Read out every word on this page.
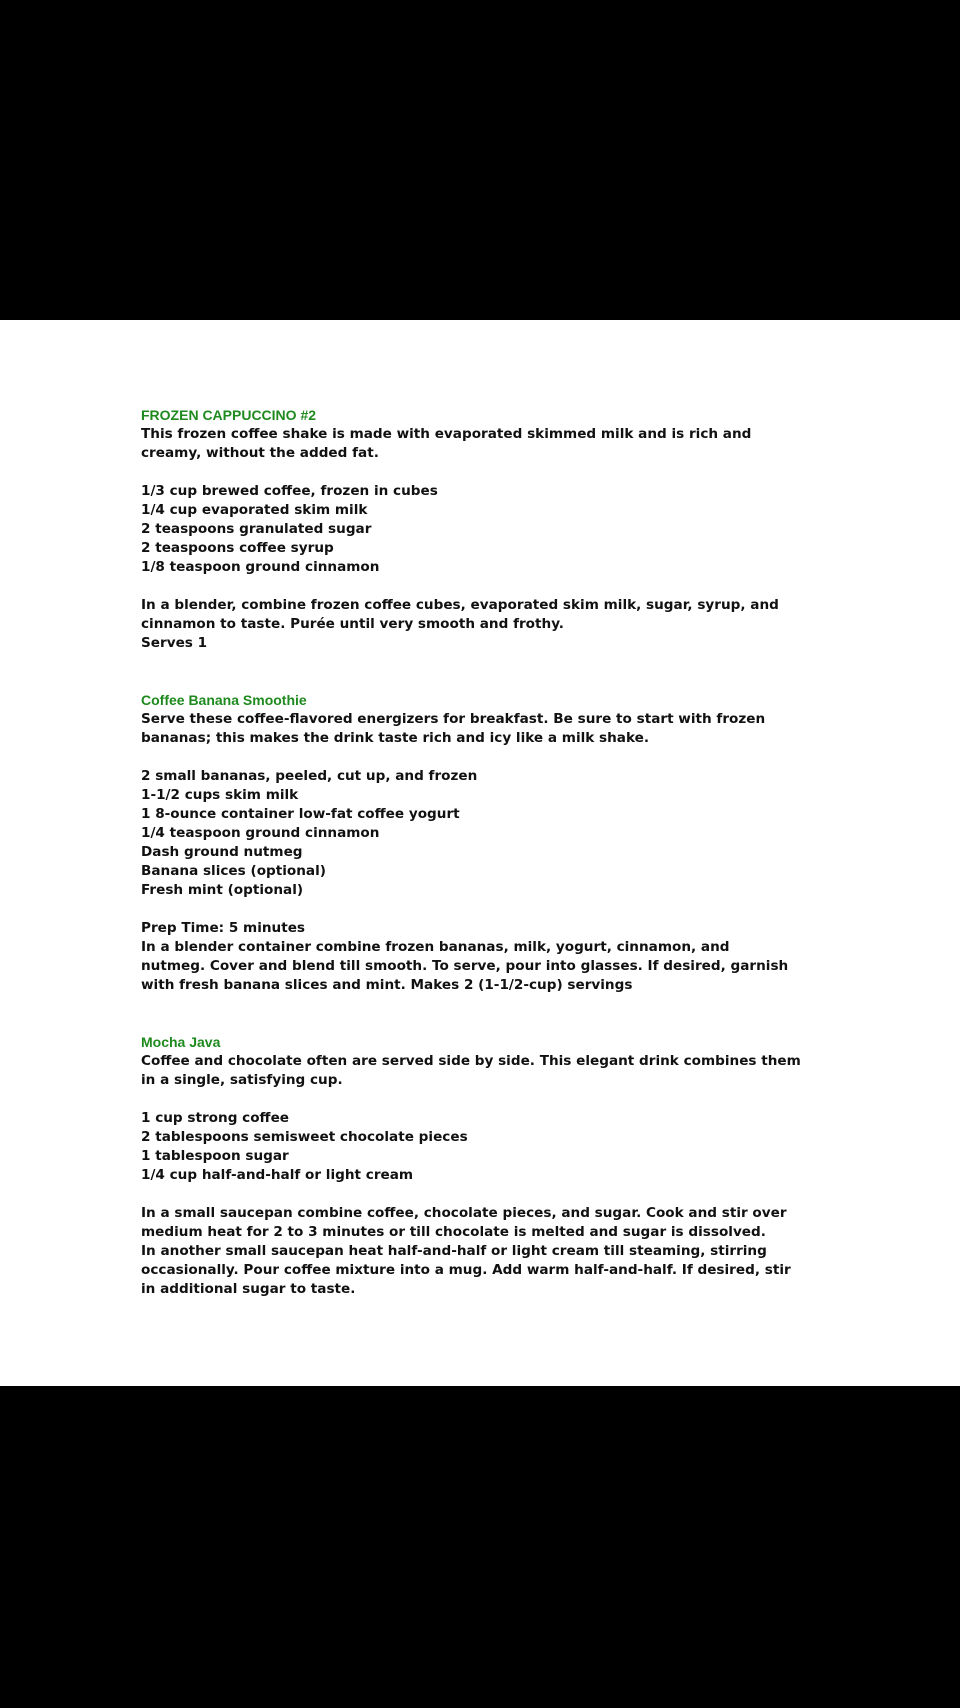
FROZEN CAPPUCCINO #2

This frozen coffee shake is made with evaporated skimmed milk and is rich and

creamy, without the added fat.

1/3 cup brewed coffee, frozen in cubes
1/4 cup evaporated skim milk
2 teaspoons granulated sugar
2 teaspoons coffee syrup
1/8 teaspoon ground cinnamon

In a blender, combine frozen coffee cubes, evaporated skim milk, sugar, syrup, and

cinnamon to taste. Purée until very smooth and frothy.

Serves 1

Coffee Banana Smoothie

Serve these coffee-flavored energizers for breakfast. Be sure to start with frozen

bananas; this makes the drink taste rich and icy like a milk shake.

2 small bananas, peeled, cut up, and frozen
1-1/2 cups skim milk
1 8-ounce container low-fat coffee yogurt
1/4 teaspoon ground cinnamon
Dash ground nutmeg
Banana slices (optional)
Fresh mint (optional)

Prep Time: 5 minutes

In a blender container combine frozen bananas, milk, yogurt, cinnamon, and

nutmeg. Cover and blend till smooth. To serve, pour into glasses. If desired, garnish

with fresh banana slices and mint. Makes 2 (1-1/2-cup) servings

Mocha Java

Coffee and chocolate often are served side by side. This elegant drink combines them

in a single, satisfying cup.

1 cup strong coffee
2 tablespoons semisweet chocolate pieces
1 tablespoon sugar
1/4 cup half-and-half or light cream

In a small saucepan combine coffee, chocolate pieces, and sugar. Cook and stir over

medium heat for 2 to 3 minutes or till chocolate is melted and sugar is dissolved.

In another small saucepan heat half-and-half or light cream till steaming, stirring

occasionally. Pour coffee mixture into a mug. Add warm half-and-half. If desired, stir

in additional sugar to taste.
